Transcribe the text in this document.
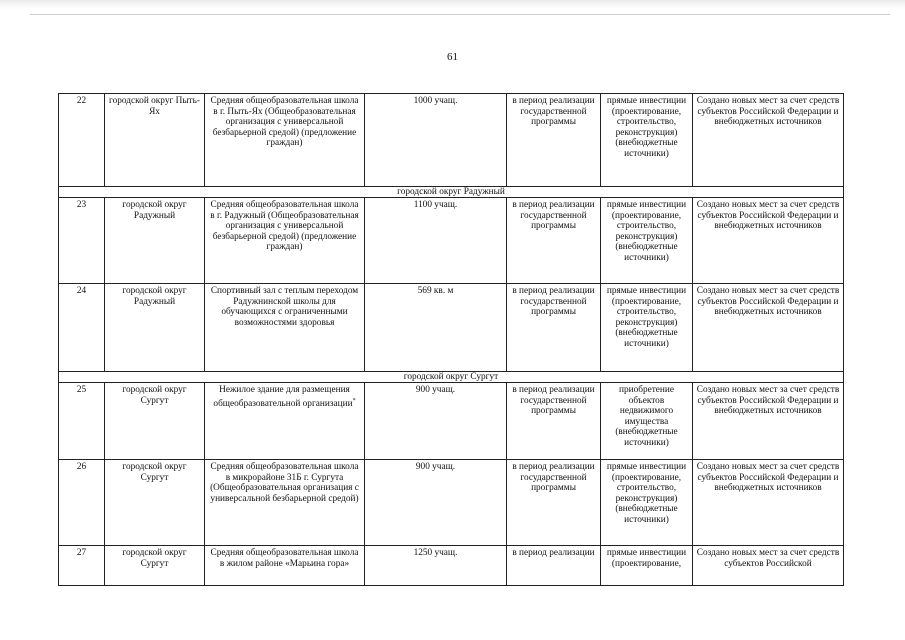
61
22	городской округ Пыть-Ях	Средняя общеобразовательная школа в г. Пыть-Ях (Общеобразовательная организация с универсальной безбарьерной средой) (предложение граждан)	1000 учащ.	в период реализации государственной программы	прямые инвестиции (проектирование, строительство, реконструкция) (внебюджетные источники)	Создано новых мест за счет средств субъектов Российской Федерации и внебюджетных источников
городской округ Радужный						
23	городской округ Радужный	Средняя общеобразовательная школа в г. Радужный (Общеобразовательная организация с универсальной безбарьерной средой) (предложение граждан)	1100 учащ.	в период реализации государственной программы	прямые инвестиции (проектирование, строительство, реконструкция) (внебюджетные источники)	Создано новых мест за счет средств субъектов Российской Федерации и внебюджетных источников
24	городской округ Радужный	Спортивный зал с теплым переходом Радужнинской школы для обучающихся с ограниченными возможностями здоровья	569 кв. м	в период реализации государственной программы	прямые инвестиции (проектирование, строительство, реконструкция) (внебюджетные источники)	Создано новых мест за счет средств субъектов Российской Федерации и внебюджетных источников
городской округ Сургут						
25	городской округ Сургут	Нежилое здание для размещения общеобразовательной организации*	900 учащ.	в период реализации государственной программы	приобретение объектов недвижимого имущества (внебюджетные источники)	Создано новых мест за счет средств субъектов Российской Федерации и внебюджетных источников
26	городской округ Сургут	Средняя общеобразовательная школа в микрорайоне 31Б г. Сургута (Общеобразовательная организация с универсальной безбарьерной средой)	900 учащ.	в период реализации государственной программы	прямые инвестиции (проектирование, строительство, реконструкция) (внебюджетные источники)	Создано новых мест за счет средств субъектов Российской Федерации и внебюджетных источников
27	городской округ Сургут	Средняя общеобразовательная школа в жилом районе «Марьина гора»	1250 учащ.	в период реализации	прямые инвестиции (проектирование,	Создано новых мест за счет средств субъектов Российской
